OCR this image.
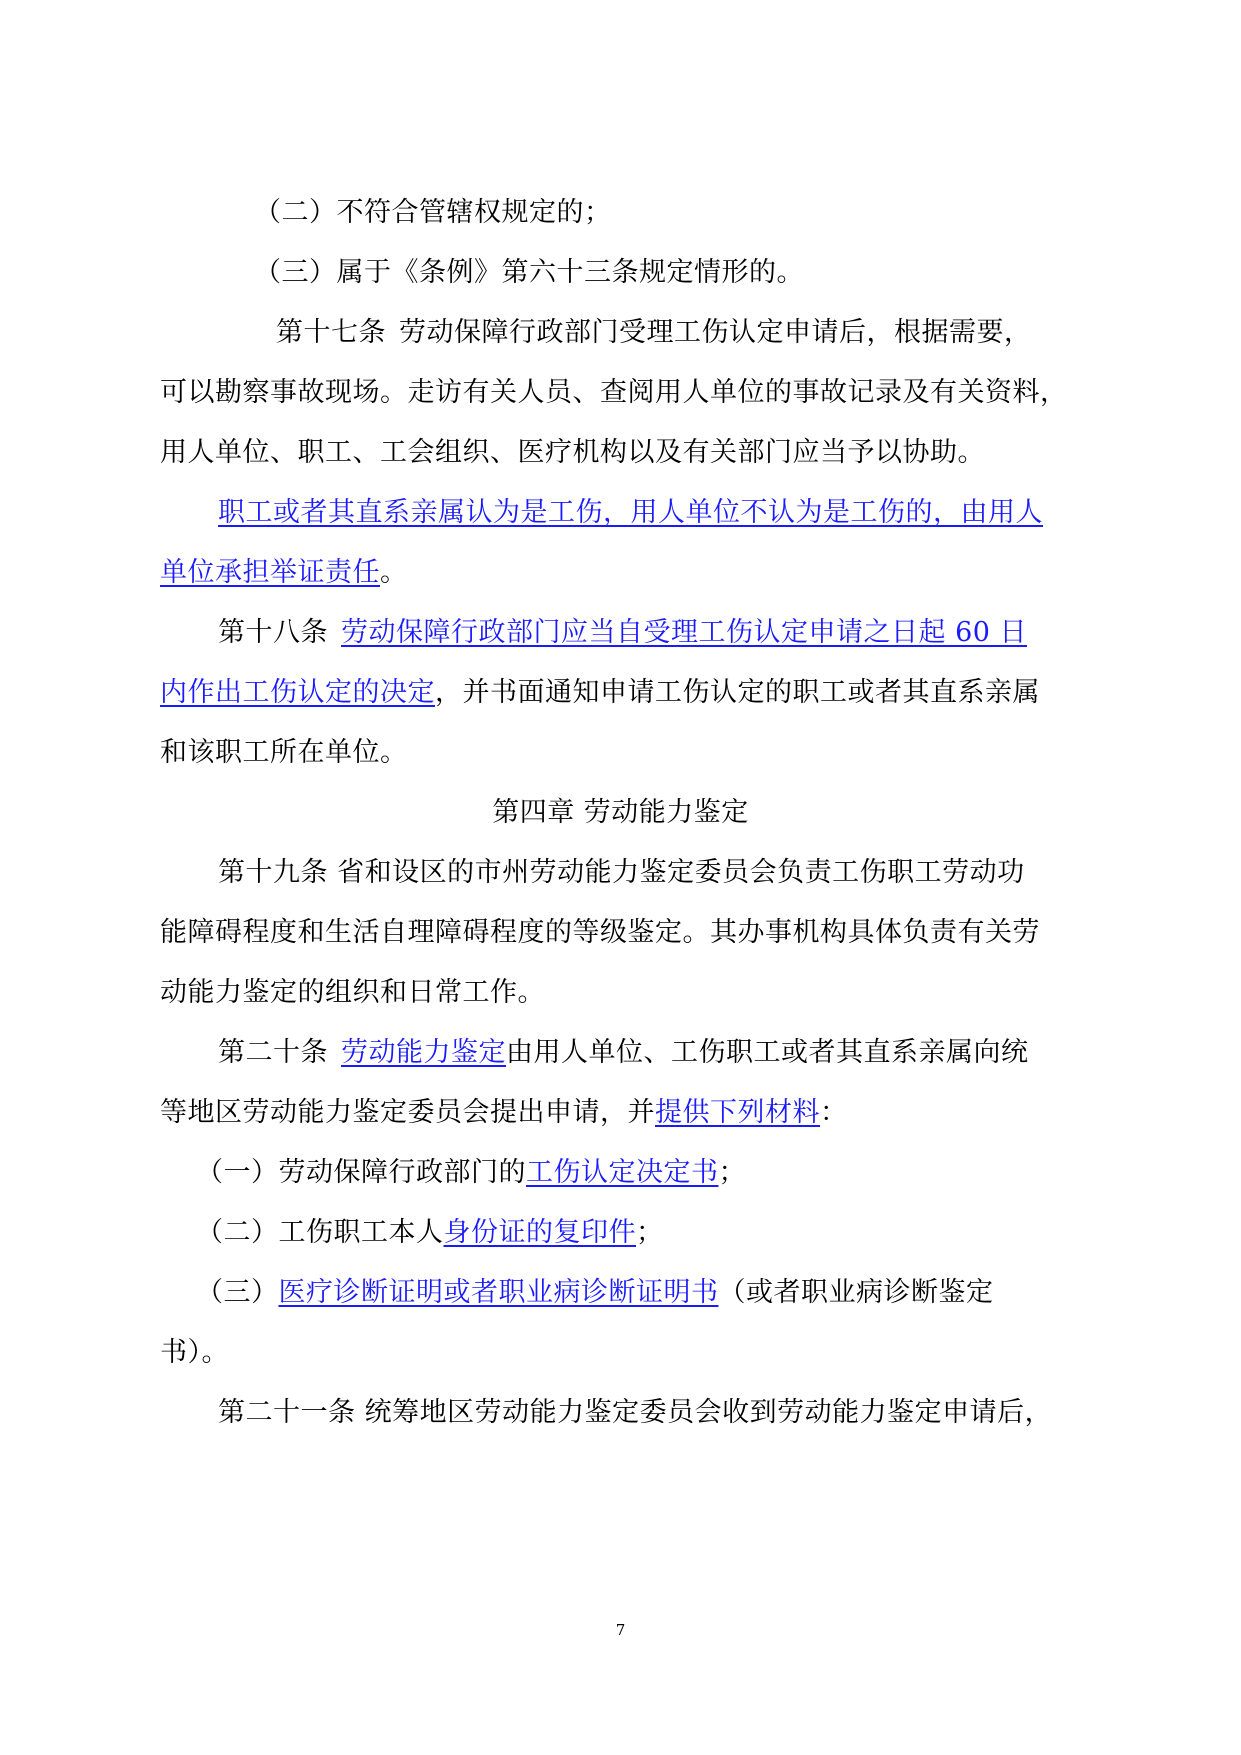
（二）不符合管辖权规定的；
（三）属于《条例》第六十三条规定情形的。
第十七条 劳动保障行政部门受理工伤认定申请后，根据需要，
可以勘察事故现场。走访有关人员、查阅用人单位的事故记录及有关资料，
用人单位、职工、工会组织、医疗机构以及有关部门应当予以协助。
职工或者其直系亲属认为是工伤，用人单位不认为是工伤的，由用人
单位承担举证责任。
第十八条 劳动保障行政部门应当自受理工伤认定申请之日起 60 日
内作出工伤认定的决定，并书面通知申请工伤认定的职工或者其直系亲属
和该职工所在单位。
第四章 劳动能力鉴定
第十九条 省和设区的市州劳动能力鉴定委员会负责工伤职工劳动功
能障碍程度和生活自理障碍程度的等级鉴定。其办事机构具体负责有关劳
动能力鉴定的组织和日常工作。
第二十条 劳动能力鉴定由用人单位、工伤职工或者其直系亲属向统
等地区劳动能力鉴定委员会提出申请，并提供下列材料：
（一）劳动保障行政部门的工伤认定决定书；
（二）工伤职工本人身份证的复印件；
（三）医疗诊断证明或者职业病诊断证明书（或者职业病诊断鉴定
书）。
第二十一条 统筹地区劳动能力鉴定委员会收到劳动能力鉴定申请后，
7
